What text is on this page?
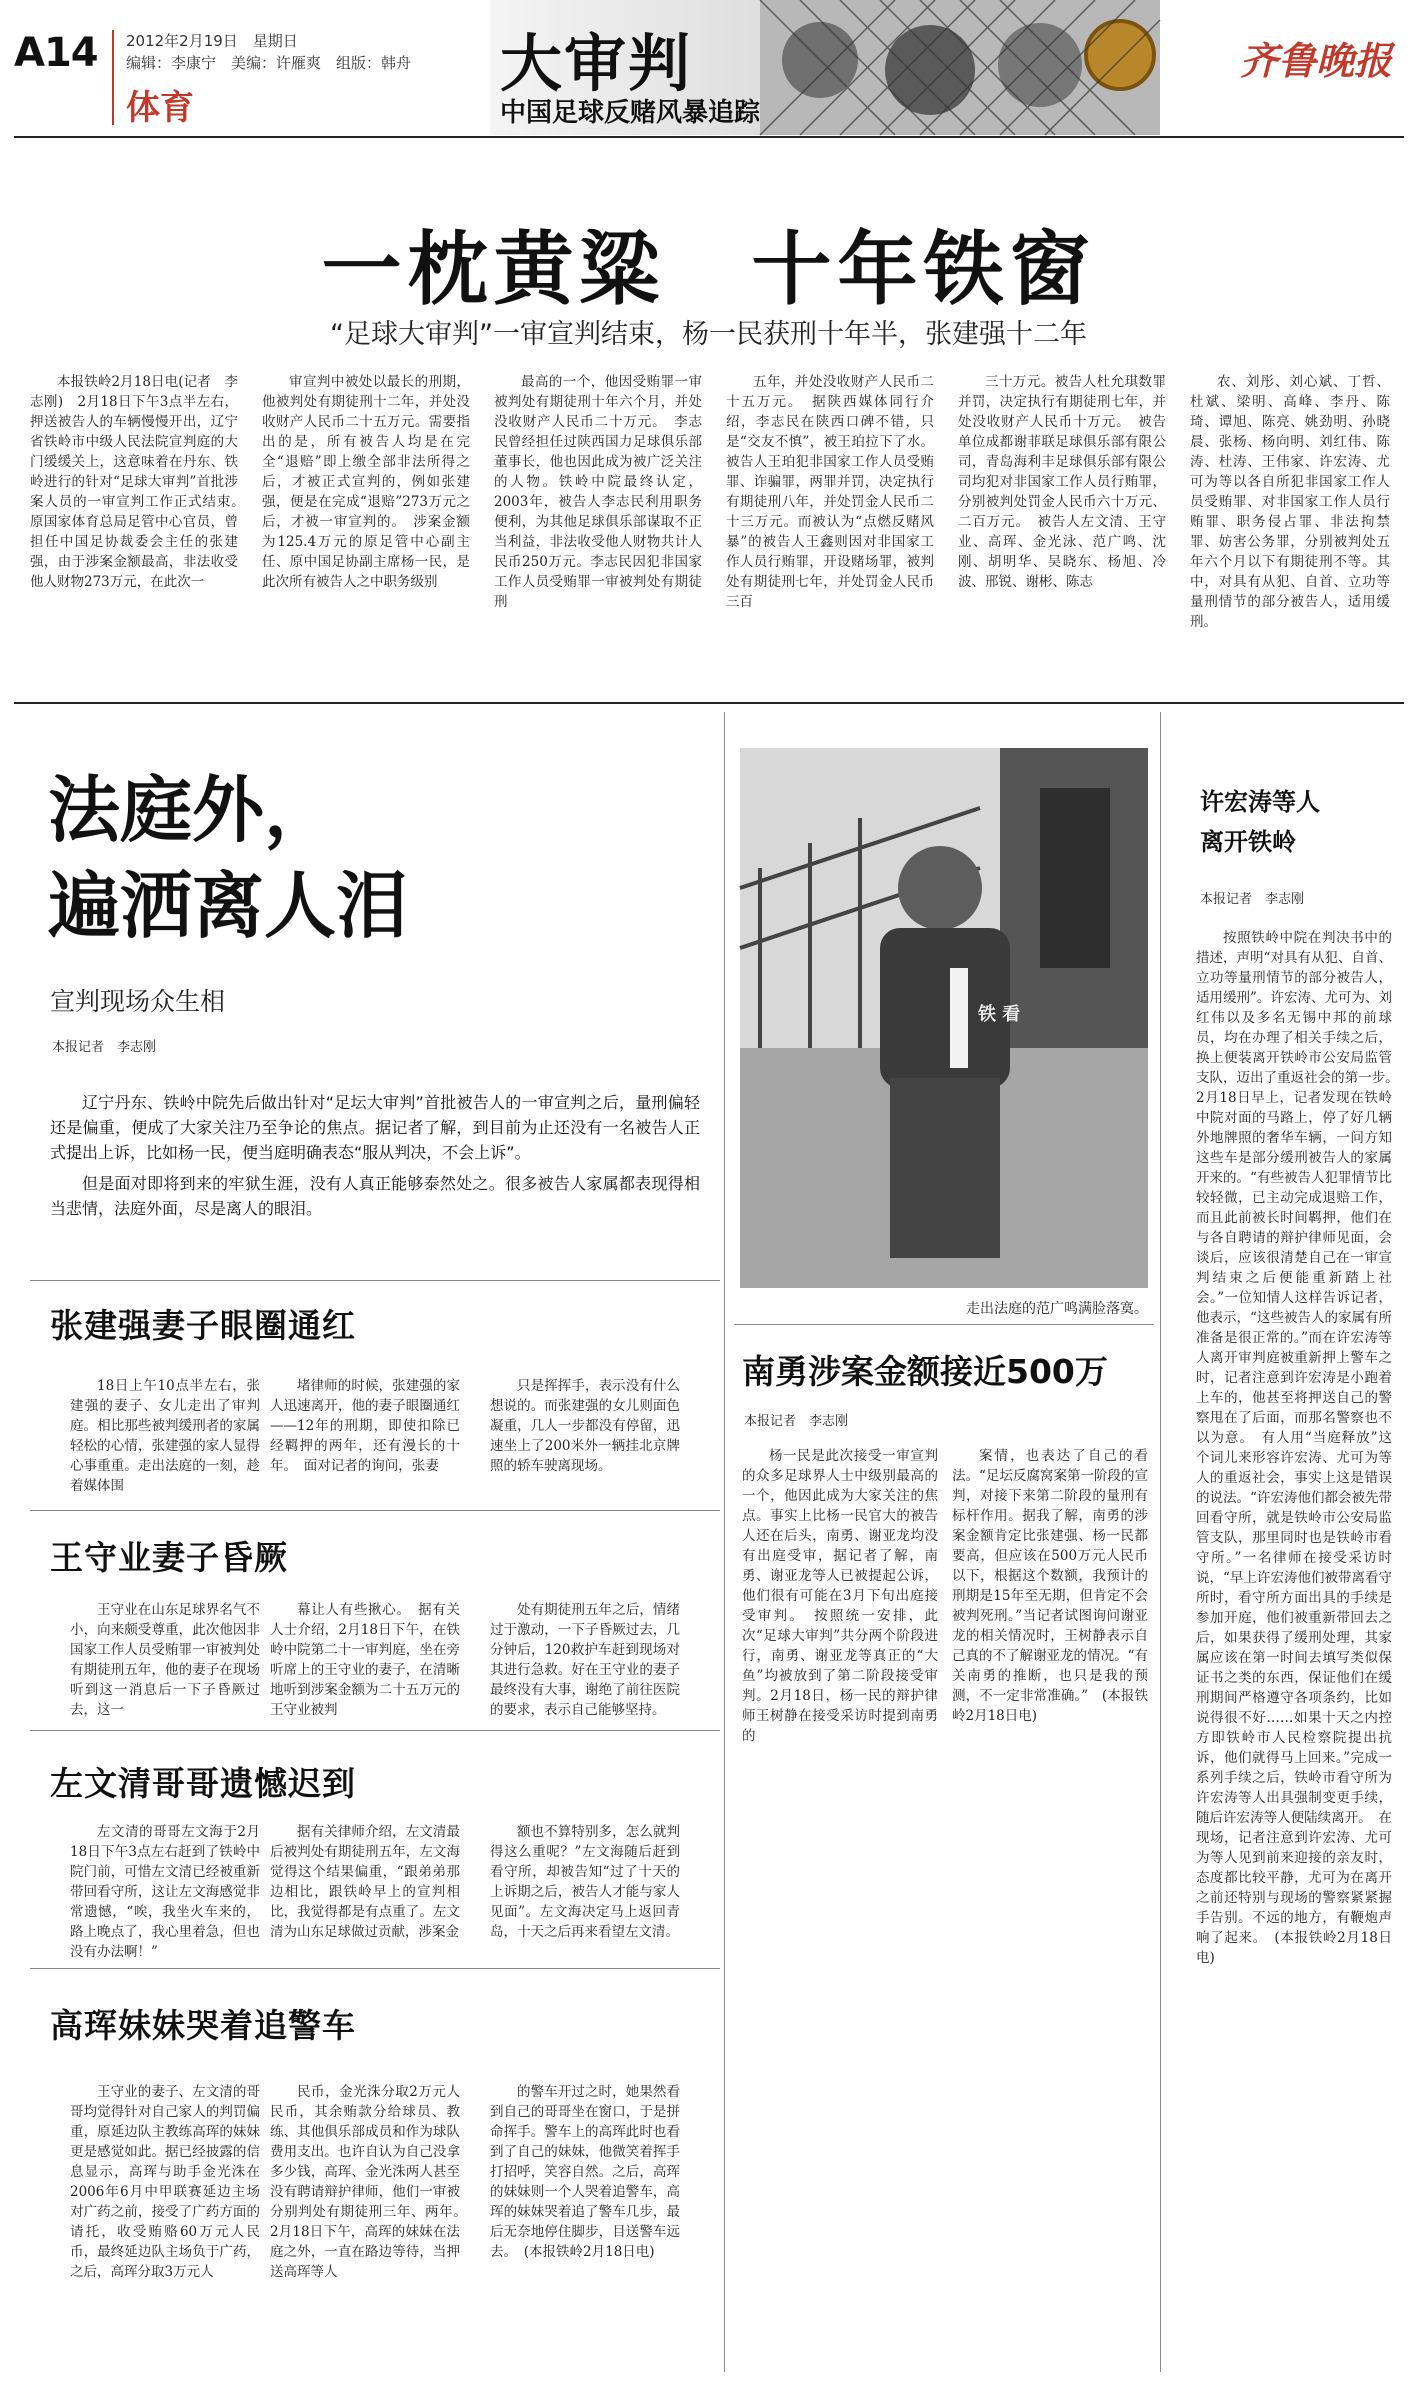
A14 2012年2月19日　星期日
编辑：李康宁　美编：许雁爽　组版：韩舟
体育
大审判
中国足球反赌风暴追踪
齐鲁晚报
一枕黄粱　十年铁窗
“足球大审判”一审宣判结束，杨一民获刑十年半，张建强十二年

本报铁岭2月18日电(记者　李志刚)　2月18日下午3点半左右，押送被告人的车辆慢慢开出，辽宁省铁岭市中级人民法院宣判庭的大门缓缓关上，这意味着在丹东、铁岭进行的针对“足球大审判”首批涉案人员的一审宣判工作正式结束。　原国家体育总局足管中心官员，曾担任中国足协裁委会主任的张建强，由于涉案金额最高，非法收受他人财物273万元，在此次一

审宣判中被处以最长的刑期，他被判处有期徒刑十二年，并处没收财产人民币二十五万元。需要指出的是，所有被告人均是在完全“退赔”即上缴全部非法所得之后，才被正式宣判的，例如张建强，便是在完成“退赔”273万元之后，才被一审宣判的。　涉案金额为125.4万元的原足管中心副主任、原中国足协副主席杨一民，是此次所有被告人之中职务级别

最高的一个，他因受贿罪一审被判处有期徒刑十年六个月，并处没收财产人民币二十万元。　李志民曾经担任过陕西国力足球俱乐部董事长，他也因此成为被广泛关注的人物。铁岭中院最终认定，2003年，被告人李志民利用职务便利，为其他足球俱乐部谋取不正当利益，非法收受他人财物共计人民币250万元。李志民因犯非国家工作人员受贿罪一审被判处有期徒刑

五年，并处没收财产人民币二十五万元。　据陕西媒体同行介绍，李志民在陕西口碑不错，只是“交友不慎”，被王珀拉下了水。被告人王珀犯非国家工作人员受贿罪、诈骗罪，两罪并罚，决定执行有期徒刑八年，并处罚金人民币二十三万元。而被认为“点燃反赌风暴”的被告人王鑫则因对非国家工作人员行贿罪，开设赌场罪，被判处有期徒刑七年，并处罚金人民币三百

三十万元。被告人杜允琪数罪并罚，决定执行有期徒刑七年，并处没收财产人民币十万元。　被告单位成都谢菲联足球俱乐部有限公司，青岛海利丰足球俱乐部有限公司均犯对非国家工作人员行贿罪，分别被判处罚金人民币六十万元、二百万元。　被告人左文清、王守业、高珲、金光泳、范广鸣、沈刚、胡明华、吴晓东、杨旭、冷波、邢锐、谢彬、陈志

农、刘彤、刘心斌、丁哲、杜斌、梁明、高峰、李丹、陈琦、谭旭、陈亮、姚劲明、孙晓晨、张杨、杨向明、刘红伟、陈涛、杜涛、王伟家、许宏涛、尤可为等以各自所犯非国家工作人员受贿罪、对非国家工作人员行贿罪、职务侵占罪、非法拘禁罪、妨害公务罪，分别被判处五年六个月以下有期徒刑不等。其中，对具有从犯、自首、立功等量刑情节的部分被告人，适用缓刑。

法庭外，
遍洒离人泪
宣判现场众生相
本报记者　李志刚

辽宁丹东、铁岭中院先后做出针对“足坛大审判”首批被告人的一审宣判之后，量刑偏轻还是偏重，便成了大家关注乃至争论的焦点。据记者了解，到目前为止还没有一名被告人正式提出上诉，比如杨一民，便当庭明确表态“服从判决，不会上诉”。

但是面对即将到来的牢狱生涯，没有人真正能够泰然处之。很多被告人家属都表现得相当悲情，法庭外面，尽是离人的眼泪。

张建强妻子眼圈通红

18日上午10点半左右，张建强的妻子、女儿走出了审判庭。相比那些被判缓刑者的家属轻松的心情，张建强的家人显得心事重重。走出法庭的一刻，趁着媒体围

堵律师的时候，张建强的家人迅速离开，他的妻子眼圈通红——12年的刑期，即使扣除已经羁押的两年，还有漫长的十年。　面对记者的询问，张妻

只是挥挥手，表示没有什么想说的。而张建强的女儿则面色凝重，几人一步都没有停留，迅速坐上了200米外一辆挂北京牌照的轿车驶离现场。

王守业妻子昏厥

王守业在山东足球界名气不小，向来颇受尊重，此次他因非国家工作人员受贿罪一审被判处有期徒刑五年，他的妻子在现场听到这一消息后一下子昏厥过去，这一

幕让人有些揪心。　据有关人士介绍，2月18日下午，在铁岭中院第二十一审判庭，坐在旁听席上的王守业的妻子，在清晰地听到涉案金额为二十五万元的王守业被判

处有期徒刑五年之后，情绪过于激动，一下子昏厥过去，几分钟后，120救护车赶到现场对其进行急救。好在王守业的妻子最终没有大事，谢绝了前往医院的要求，表示自己能够坚持。

左文清哥哥遗憾迟到

左文清的哥哥左文海于2月18日下午3点左右赶到了铁岭中院门前，可惜左文清已经被重新带回看守所，这让左文海感觉非常遗憾，“唉，我坐火车来的，路上晚点了，我心里着急，但也没有办法啊！”

据有关律师介绍，左文清最后被判处有期徒刑五年，左文海觉得这个结果偏重，“跟弟弟那边相比，跟铁岭早上的宣判相比，我觉得都是有点重了。左文清为山东足球做过贡献，涉案金

额也不算特别多，怎么就判得这么重呢？”左文海随后赶到看守所，却被告知“过了十天的上诉期之后，被告人才能与家人见面”。左文海决定马上返回青岛，十天之后再来看望左文清。

高珲妹妹哭着追警车

王守业的妻子、左文清的哥哥均觉得针对自己家人的判罚偏重，原延边队主教练高珲的妹妹更是感觉如此。据已经披露的信息显示，高珲与助手金光洙在2006年6月中甲联赛延边主场对广药之前，接受了广药方面的请托，收受贿赂60万元人民币，最终延边队主场负于广药，之后，高珲分取3万元人

民币，金光洙分取2万元人民币，其余贿款分给球员、教练、其他俱乐部成员和作为球队费用支出。也许自认为自己没拿多少钱，高珲、金光洙两人甚至没有聘请辩护律师，他们一审被分别判处有期徒刑三年、两年。　2月18日下午，高珲的妹妹在法庭之外，一直在路边等待，当押送高珲等人

的警车开过之时，她果然看到自己的哥哥坐在窗口，于是拼命挥手。警车上的高珲此时也看到了自己的妹妹，他微笑着挥手打招呼，笑容自然。之后，高珲的妹妹则一个人哭着追警车，高珲的妹妹哭着追了警车几步，最后无奈地停住脚步，目送警车远去。　(本报铁岭2月18日电)

铁 看
走出法庭的范广鸣满脸落寞。
南勇涉案金额接近500万
本报记者　李志刚

杨一民是此次接受一审宣判的众多足球界人士中级别最高的一个，他因此成为大家关注的焦点。事实上比杨一民官大的被告人还在后头，南勇、谢亚龙均没有出庭受审，据记者了解，南勇、谢亚龙等人已被提起公诉，他们很有可能在3月下旬出庭接受审判。　按照统一安排，此次“足球大审判”共分两个阶段进行，南勇、谢亚龙等真正的“大鱼”均被放到了第二阶段接受审判。2月18日，杨一民的辩护律师王树静在接受采访时提到南勇的

案情，也表达了自己的看法。“足坛反腐窝案第一阶段的宣判，对接下来第二阶段的量刑有标杆作用。据我了解，南勇的涉案金额肯定比张建强、杨一民都要高，但应该在500万元人民币以下，根据这个数额，我预计的刑期是15年至无期，但肯定不会被判死刑。”当记者试图询问谢亚龙的相关情况时，王树静表示自己真的不了解谢亚龙的情况。“有关南勇的推断，也只是我的预测，不一定非常准确。”　(本报铁岭2月18日电)

许宏涛等人
离开铁岭
本报记者　李志刚

按照铁岭中院在判决书中的措述，声明“对具有从犯、自首、立功等量刑情节的部分被告人，适用缓刑”。许宏涛、尤可为、刘红伟以及多名无锡中邦的前球员，均在办理了相关手续之后，换上便装离开铁岭市公安局监管支队，迈出了重返社会的第一步。　2月18日早上，记者发现在铁岭中院对面的马路上，停了好几辆外地牌照的奢华车辆，一问方知这些车是部分缓刑被告人的家属开来的。“有些被告人犯罪情节比较轻微，已主动完成退赔工作，而且此前被长时间羁押，他们在与各自聘请的辩护律师见面，会谈后，应该很清楚自己在一审宣判结束之后便能重新踏上社会。”一位知情人这样告诉记者，他表示，“这些被告人的家属有所准备是很正常的。”而在许宏涛等人离开审判庭被重新押上警车之时，记者注意到许宏涛是小跑着上车的，他甚至将押送自己的警察甩在了后面，而那名警察也不以为意。　有人用“当庭释放”这个词儿来形容许宏涛、尤可为等人的重返社会，事实上这是错误的说法。“许宏涛他们都会被先带回看守所，就是铁岭市公安局监管支队，那里同时也是铁岭市看守所。”一名律师在接受采访时说，“早上许宏涛他们被带离看守所时，看守所方面出具的手续是参加开庭，他们被重新带回去之后，如果获得了缓刑处理，其家属应该在第一时间去填写类似保证书之类的东西，保证他们在缓刑期间严格遵守各项条约，比如说得很不好……如果十天之内控方即铁岭市人民检察院提出抗诉，他们就得马上回来。”完成一系列手续之后，铁岭市看守所为许宏涛等人出具强制变更手续，随后许宏涛等人便陆续离开。　在现场，记者注意到许宏涛、尤可为等人见到前来迎接的亲友时，态度都比较平静，尤可为在离开之前还特别与现场的警察紧紧握手告别。不远的地方，有鞭炮声响了起来。　(本报铁岭2月18日电)
